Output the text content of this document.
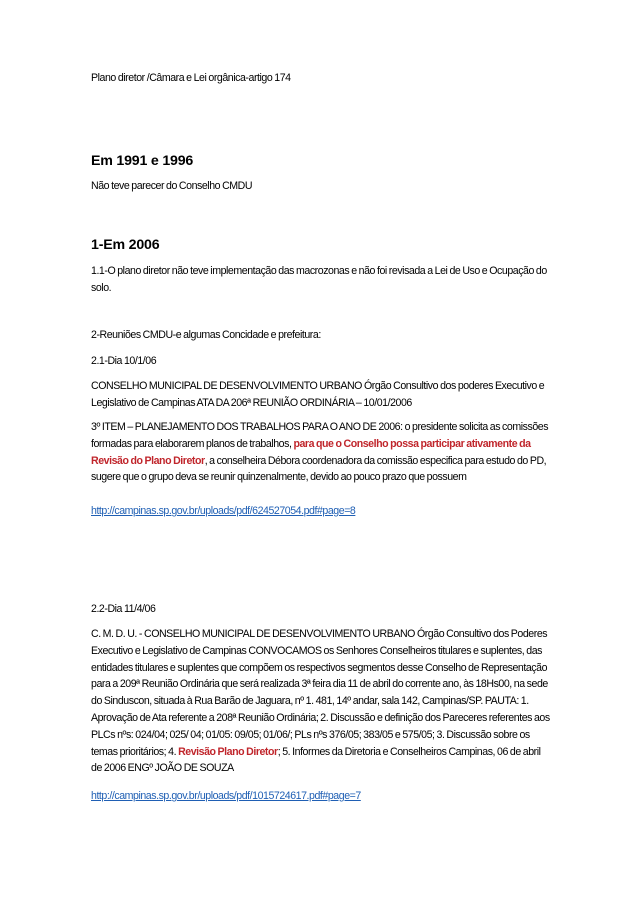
Plano diretor /Câmara e Lei orgânica-artigo 174

Em 1991 e 1996

Não teve parecer do Conselho CMDU

1-Em 2006

1.1-O plano diretor não teve implementação das macrozonas e não foi revisada a Lei de Uso e Ocupação do solo.

2-Reuniões CMDU-e algumas Concidade e prefeitura:

2.1-Dia 10/1/06

CONSELHO MUNICIPAL DE DESENVOLVIMENTO URBANO Órgão Consultivo dos poderes Executivo e Legislativo de Campinas ATA DA 206ª REUNIÃO ORDINÁRIA – 10/01/2006

3º ITEM – PLANEJAMENTO DOS TRABALHOS PARA O ANO DE 2006: o presidente solicita as comissões formadas para elaborarem planos de trabalhos, para que o Conselho possa participar ativamente da Revisão do Plano Diretor, a conselheira Débora coordenadora da comissão especifica para estudo do PD, sugere que o grupo deva se reunir quinzenalmente, devido ao pouco prazo que possuem

http://campinas.sp.gov.br/uploads/pdf/624527054.pdf#page=8

2.2-Dia 11/4/06

C. M. D. U. - CONSELHO MUNICIPAL DE DESENVOLVIMENTO URBANO Órgão Consultivo dos Poderes Executivo e Legislativo de Campinas CONVOCAMOS os Senhores Conselheiros titulares e suplentes, das entidades titulares e suplentes que compõem os respectivos segmentos desse Conselho de Representação para a 209ª Reunião Ordinária que será realizada 3ª feira dia 11 de abril do corrente ano, às 18Hs00, na sede do Sinduscon, situada à Rua Barão de Jaguara, nº 1. 481, 14º andar, sala 142, Campinas/SP. PAUTA: 1. Aprovação de Ata referente a 208ª Reunião Ordinária; 2. Discussão e definição dos Pareceres referentes aos PLCs nºs: 024/04; 025/ 04; 01/05: 09/05; 01/06/; PLs nºs 376/05; 383/05 e 575/05; 3. Discussão sobre os temas prioritários; 4. Revisão Plano Diretor; 5. Informes da Diretoria e Conselheiros Campinas, 06 de abril de 2006 ENGº JOÃO DE SOUZA

http://campinas.sp.gov.br/uploads/pdf/1015724617.pdf#page=7
